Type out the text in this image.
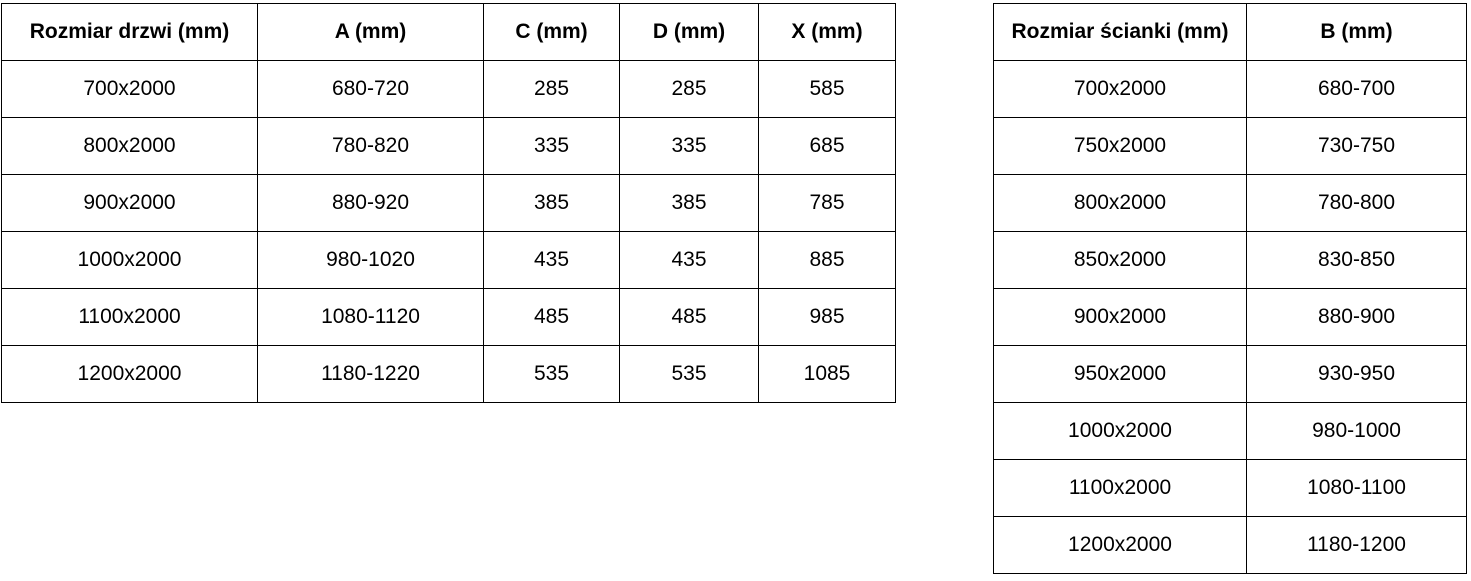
Rozmiar drzwi (mm)	A (mm)	C (mm)	D (mm)	X (mm)
700x2000	680-720	285	285	585
800x2000	780-820	335	335	685
900x2000	880-920	385	385	785
1000x2000	980-1020	435	435	885
1100x2000	1080-1120	485	485	985
1200x2000	1180-1220	535	535	1085
Rozmiar ścianki (mm)	B (mm)
700x2000	680-700
750x2000	730-750
800x2000	780-800
850x2000	830-850
900x2000	880-900
950x2000	930-950
1000x2000	980-1000
1100x2000	1080-1100
1200x2000	1180-1200
